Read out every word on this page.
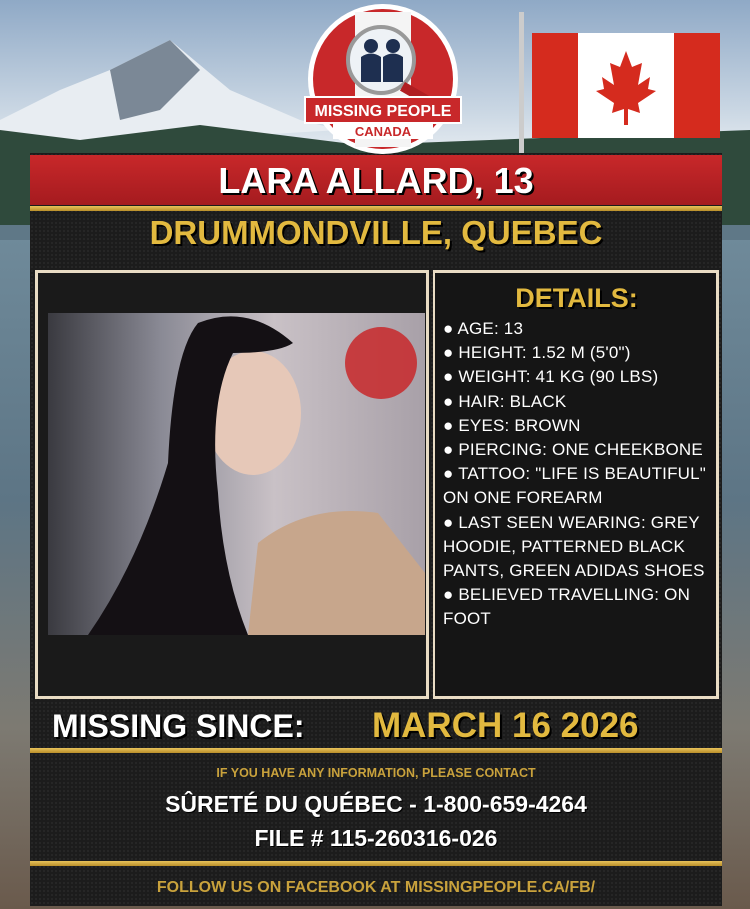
MISSING PEOPLE
CANADA
LARA ALLARD, 13
DRUMMONDVILLE, QUEBEC
DETAILS:
● AGE: 13
● HEIGHT: 1.52 M (5'0")
● WEIGHT: 41 KG (90 LBS)
● HAIR: BLACK
● EYES: BROWN
● PIERCING: ONE CHEEKBONE
● TATTOO: "LIFE IS BEAUTIFUL" ON ONE FOREARM
● LAST SEEN WEARING: GREY HOODIE, PATTERNED BLACK PANTS, GREEN ADIDAS SHOES
● BELIEVED TRAVELLING: ON FOOT
MISSING SINCE: MARCH 16 2026
IF YOU HAVE ANY INFORMATION, PLEASE CONTACT
SÛRETÉ DU QUÉBEC - 1-800-659-4264
FILE # 115-260316-026
FOLLOW US ON FACEBOOK AT MISSINGPEOPLE.CA/FB/
